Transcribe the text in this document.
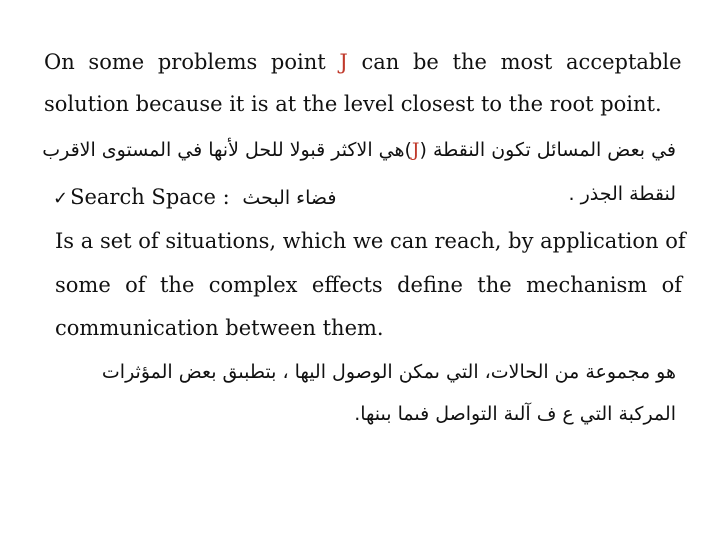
On some problems point J can be the most acceptable
solution because it is at the level closest to the root point.
في بعض المسائل تكون النقطة (J)هي الاكثر قبولا للحل لأنها في المستوى الاقرب
✓Search Space : فضاء البحث	لنقطة الجذر .
Is a set of situations, which we can reach, by application of
some of the complex effects define the mechanism of
communication between them.
هو مجموعة من الحالات، التي ىمكن الوصول اليها ، بتطبىق بعض المؤثرات
المركبة التي ع ف آلىة التواصل فىما بىنها.
